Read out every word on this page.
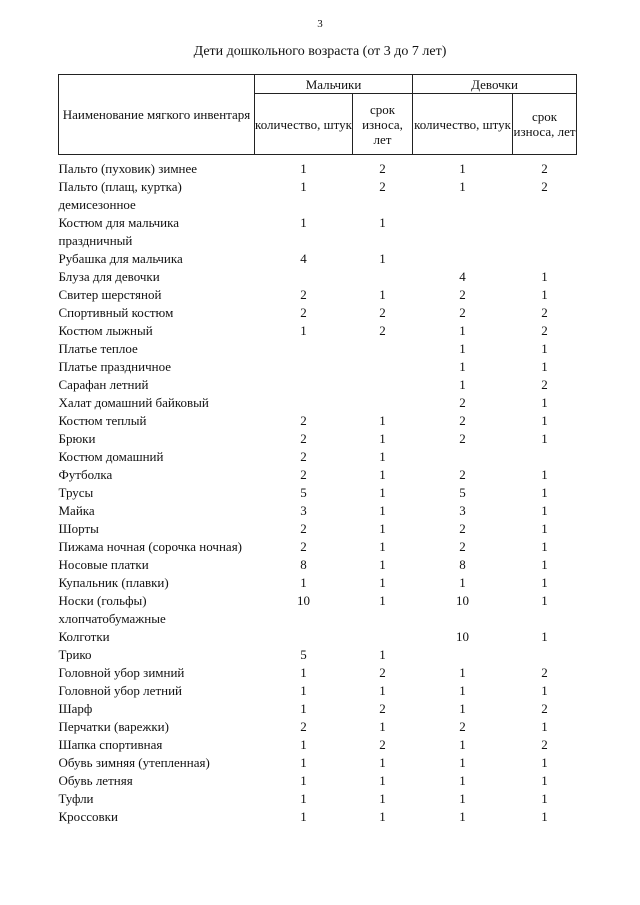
3
Дети дошкольного возраста (от 3 до 7 лет)
Наименование мягкого инвентаря	Мальчики		Девочки	
	количество, штук	срок износа, лет	количество, штук	срок износа, лет

Пальто (пуховик) зимнее	1	2	1	2
Пальто (плащ, куртка) демисезонное	1	2	1	2
Костюм для мальчика праздничный	1	1		
Рубашка для мальчика	4	1		
Блуза для девочки			4	1
Свитер шерстяной	2	1	2	1
Спортивный костюм	2	2	2	2
Костюм лыжный	1	2	1	2
Платье теплое			1	1
Платье праздничное			1	1
Сарафан летний			1	2
Халат домашний байковый			2	1
Костюм теплый	2	1	2	1
Брюки	2	1	2	1
Костюм домашний	2	1		
Футболка	2	1	2	1
Трусы	5	1	5	1
Майка	3	1	3	1
Шорты	2	1	2	1
Пижама ночная (сорочка ночная)	2	1	2	1
Носовые платки	8	1	8	1
Купальник (плавки)	1	1	1	1
Носки (гольфы) хлопчатобумажные	10	1	10	1
Колготки			10	1
Трико	5	1		
Головной убор зимний	1	2	1	2
Головной убор летний	1	1	1	1
Шарф	1	2	1	2
Перчатки (варежки)	2	1	2	1
Шапка спортивная	1	2	1	2
Обувь зимняя (утепленная)	1	1	1	1
Обувь летняя	1	1	1	1
Туфли	1	1	1	1
Кроссовки	1	1	1	1
